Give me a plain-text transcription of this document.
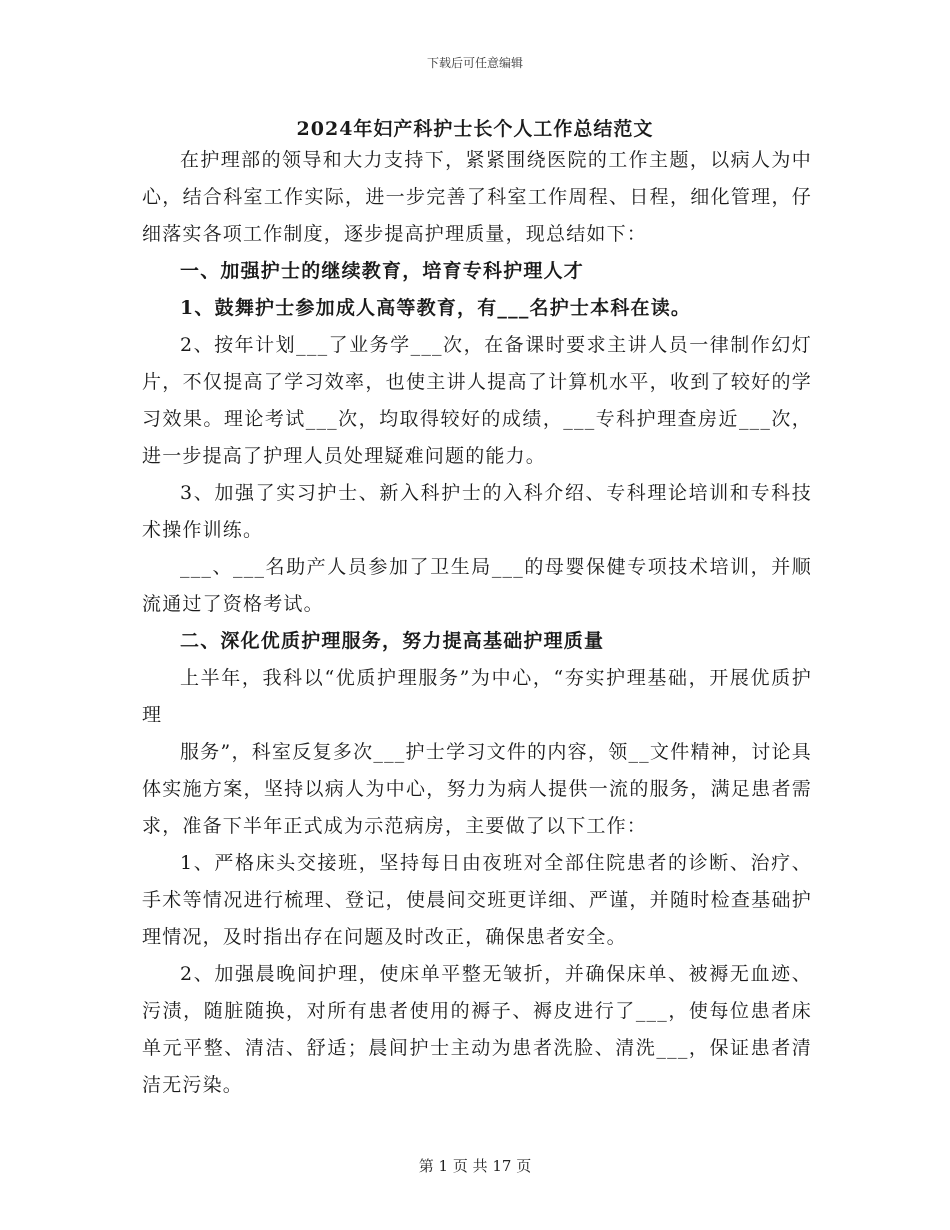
下载后可任意编辑
2024年妇产科护士长个人工作总结范文

在护理部的领导和大力支持下，紧紧围绕医院的工作主题，以病人为中心，结合科室工作实际，进一步完善了科室工作周程、日程，细化管理，仔细落实各项工作制度，逐步提高护理质量，现总结如下：

一、加强护士的继续教育，培育专科护理人才

1、鼓舞护士参加成人高等教育，有___名护士本科在读。

2、按年计划___了业务学___次，在备课时要求主讲人员一律制作幻灯片，不仅提高了学习效率，也使主讲人提高了计算机水平，收到了较好的学习效果。理论考试___次，均取得较好的成绩，___专科护理查房近___次，进一步提高了护理人员处理疑难问题的能力。

3、加强了实习护士、新入科护士的入科介绍、专科理论培训和专科技术操作训练。

___、___名助产人员参加了卫生局___的母婴保健专项技术培训，并顺流通过了资格考试。

二、深化优质护理服务，努力提高基础护理质量

上半年，我科以“优质护理服务”为中心，“夯实护理基础，开展优质护理

服务”，科室反复多次___护士学习文件的内容，领__文件精神，讨论具体实施方案，坚持以病人为中心，努力为病人提供一流的服务，满足患者需求，准备下半年正式成为示范病房，主要做了以下工作：

1、严格床头交接班，坚持每日由夜班对全部住院患者的诊断、治疗、手术等情况进行梳理、登记，使晨间交班更详细、严谨，并随时检查基础护理情况，及时指出存在问题及时改正，确保患者安全。

2、加强晨晚间护理，使床单平整无皱折，并确保床单、被褥无血迹、污渍，随脏随换，对所有患者使用的褥子、褥皮进行了___，使每位患者床单元平整、清洁、舒适；晨间护士主动为患者洗脸、清洗___，保证患者清洁无污染。

第 1 页 共 17 页
